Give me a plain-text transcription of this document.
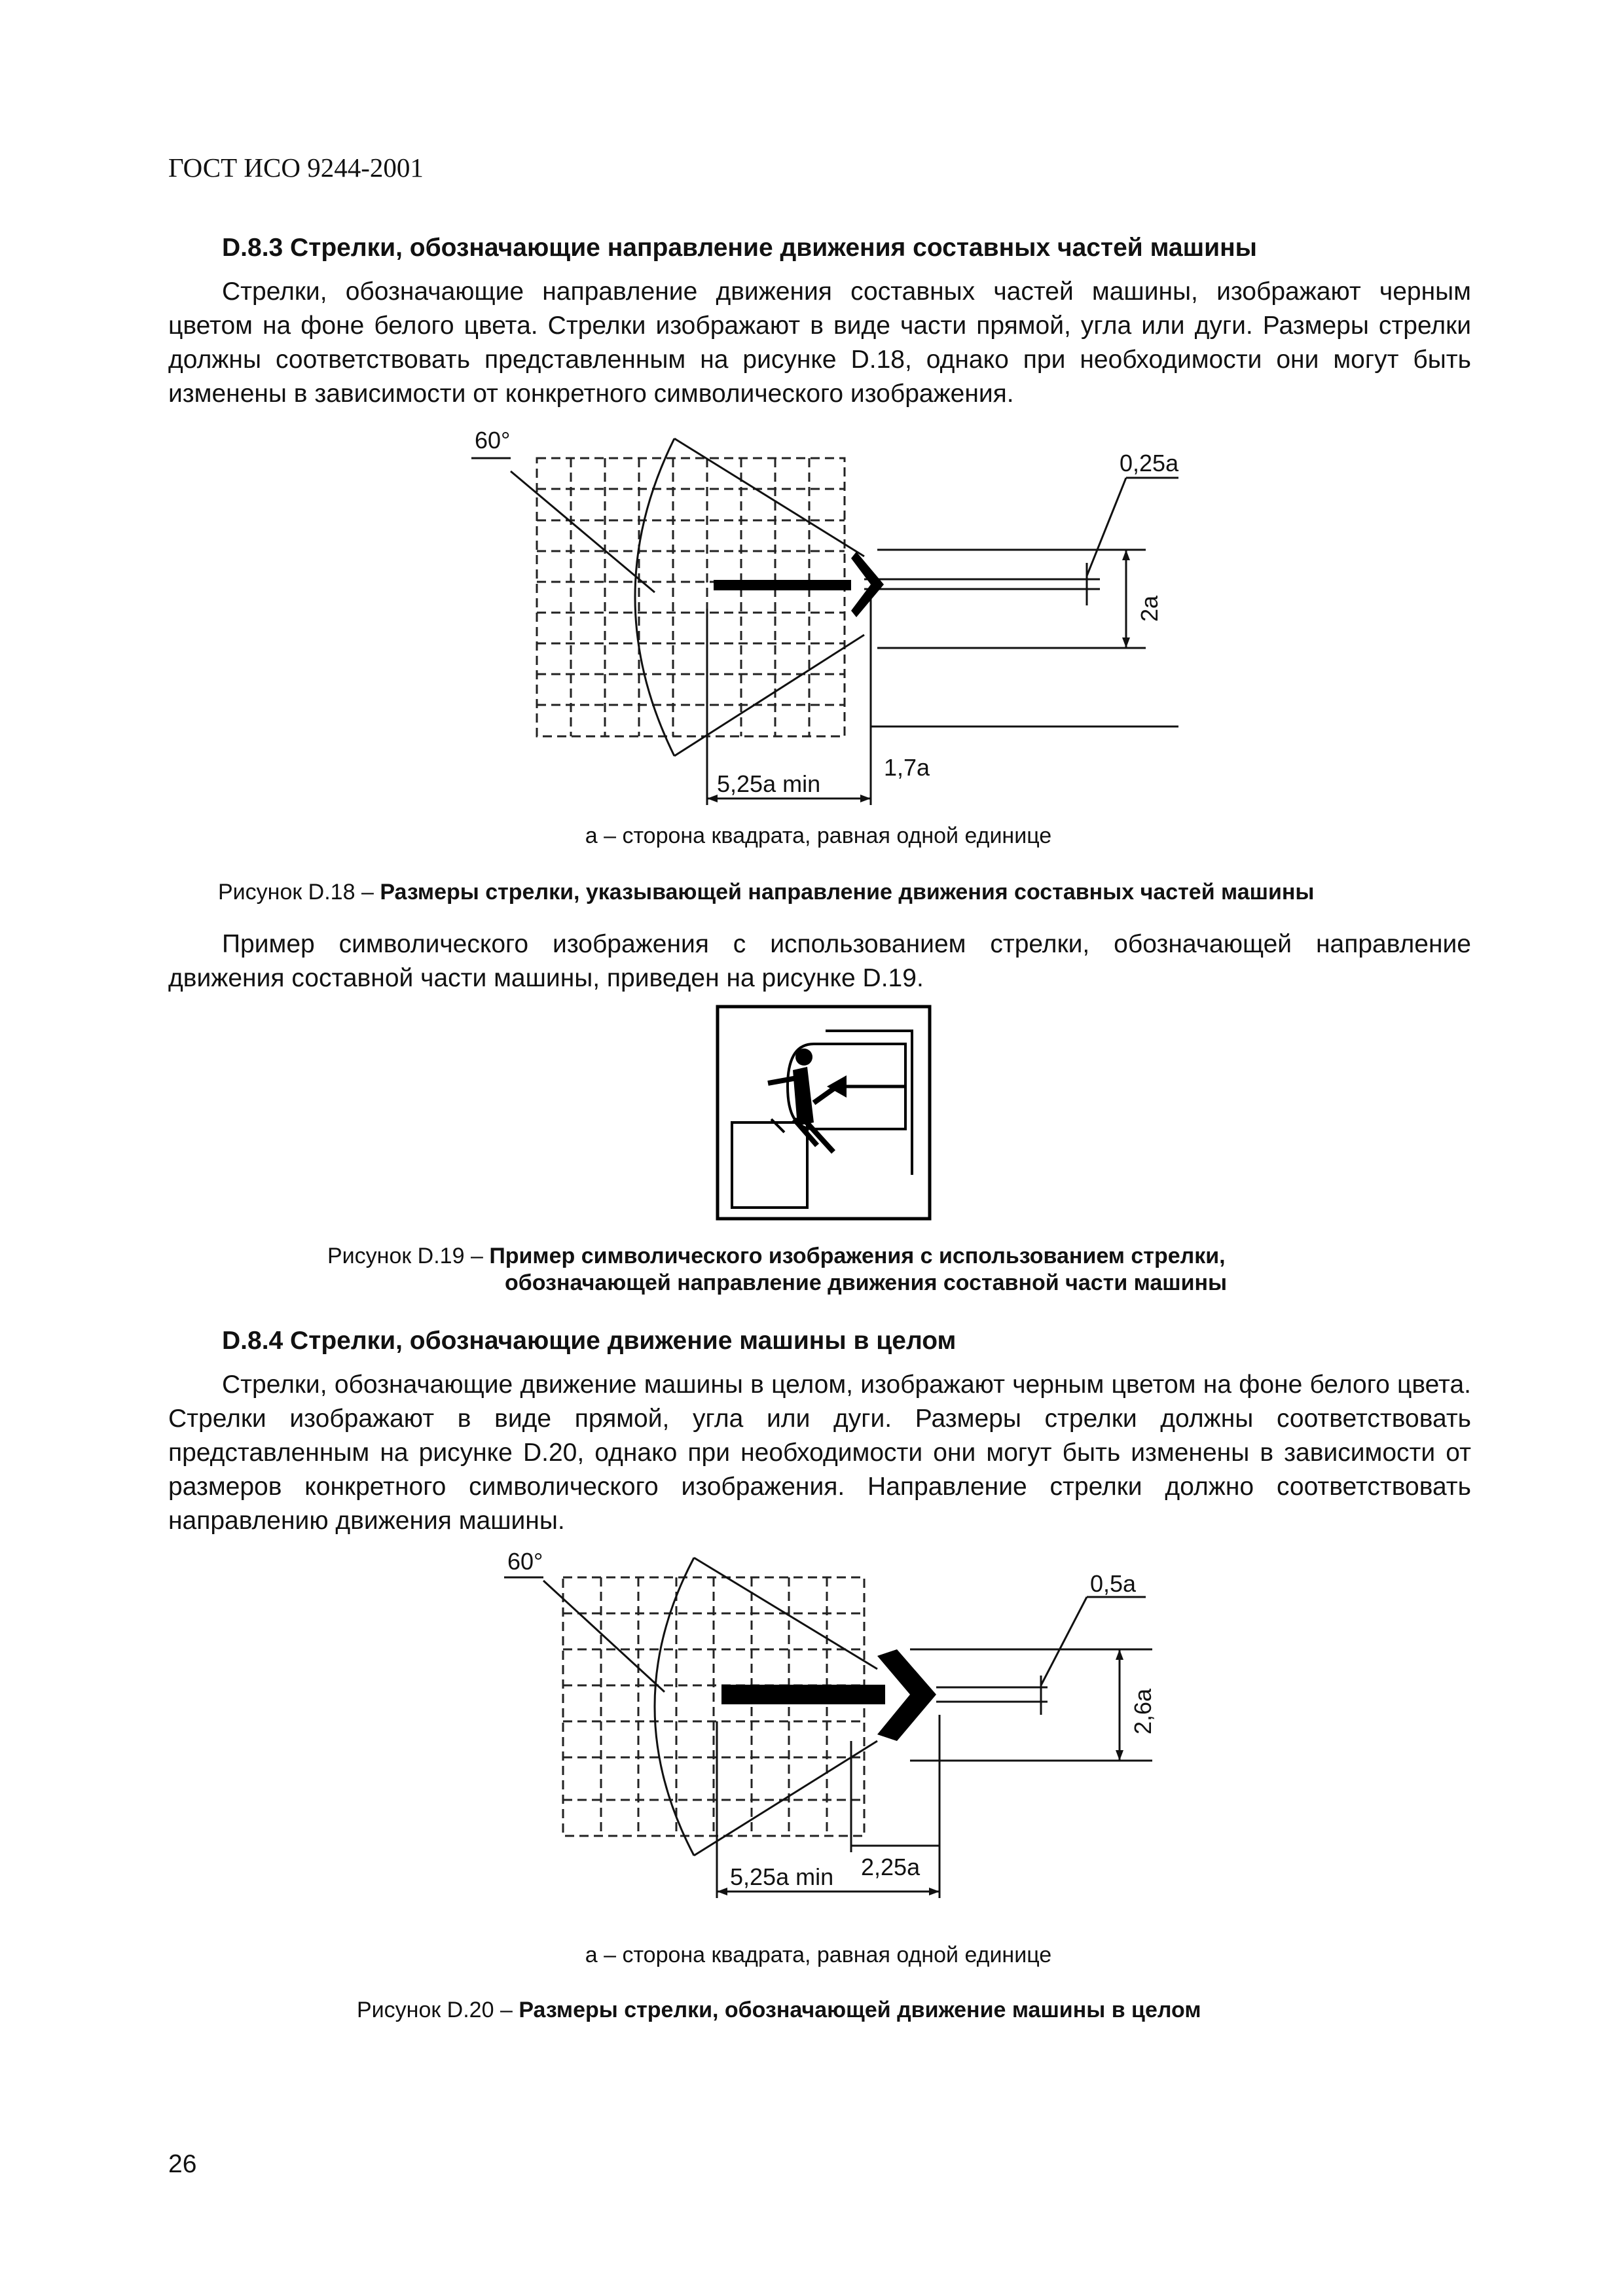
ГОСТ ИСО 9244-2001
D.8.3 Стрелки, обозначающие направление движения составных частей машины

Стрелки, обозначающие направление движения составных частей машины, изображают черным цветом на фоне белого цвета. Стрелки изображают в виде части прямой, угла или дуги. Размеры стрелки должны соответствовать представленным на рисунке D.18, однако при необходимости они могут быть изменены в зависимости от конкретного символического изображения.

60°
0,25a
2a
1,7a
5,25a min
a – сторона квадрата, равная одной единице
Рисунок D.18 – Размеры стрелки, указывающей направление движения составных частей машины

Пример символического изображения с использованием стрелки, обозначающей направление движения составной части машины, приведен на рисунке D.19.

Рисунок D.19 – Пример символического изображения с использованием стрелки,
обозначающей направление движения составной части машины
D.8.4 Стрелки, обозначающие движение машины в целом

Стрелки, обозначающие движение машины в целом, изображают черным цветом на фоне белого цвета. Стрелки изображают в виде прямой, угла или дуги. Размеры стрелки должны соответствовать представленным на рисунке D.20, однако при необходимости они могут быть изменены в зависимости от размеров конкретного символического изображения. Направление стрелки должно соответствовать направлению движения машины.

60°
0,5a
2,6a
2,25a
5,25a min
a – сторона квадрата, равная одной единице
Рисунок D.20 – Размеры стрелки, обозначающей движение машины в целом
26
